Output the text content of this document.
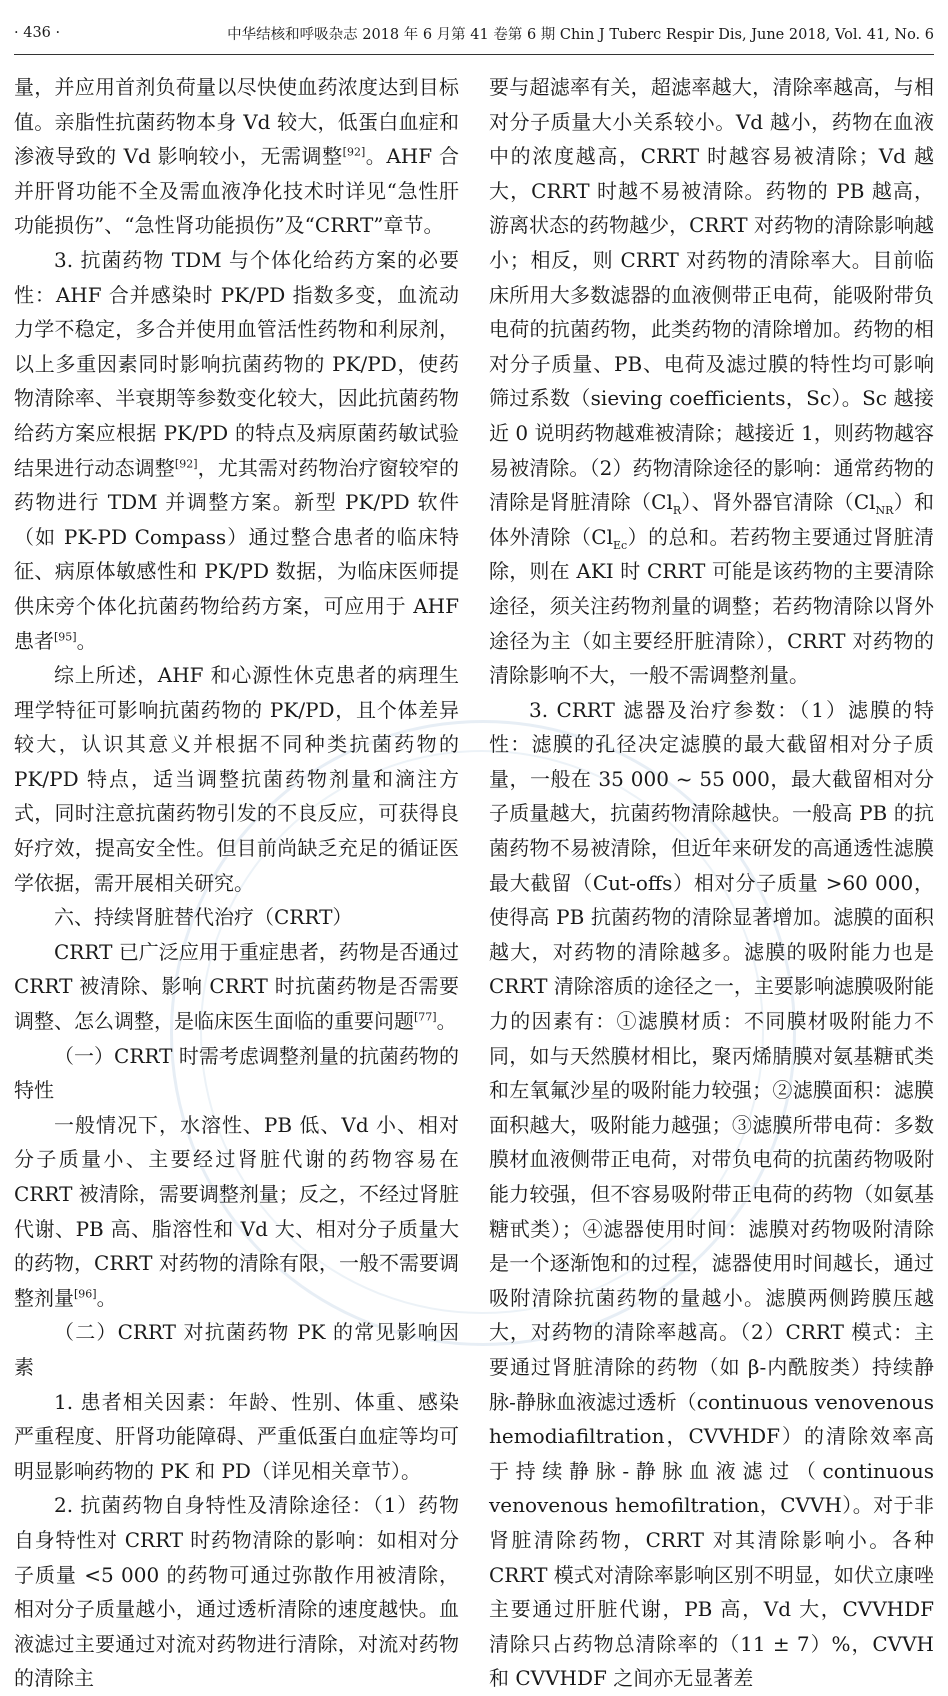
· 436 ·	中华结核和呼吸杂志 2018 年 6 月第 41 卷第 6 期 Chin J Tuberc Respir Dis, June 2018, Vol. 41, No. 6

量，并应用首剂负荷量以尽快使血药浓度达到目标值。亲脂性抗菌药物本身 Vd 较大，低蛋白血症和渗液导致的 Vd 影响较小，无需调整[92]。AHF 合并肝肾功能不全及需血液净化技术时详见“急性肝功能损伤”、“急性肾功能损伤”及“CRRT”章节。

3. 抗菌药物 TDM 与个体化给药方案的必要性：AHF 合并感染时 PK/PD 指数多变，血流动力学不稳定，多合并使用血管活性药物和利尿剂，以上多重因素同时影响抗菌药物的 PK/PD，使药物清除率、半衰期等参数变化较大，因此抗菌药物给药方案应根据 PK/PD 的特点及病原菌药敏试验结果进行动态调整[92]，尤其需对药物治疗窗较窄的药物进行 TDM 并调整方案。新型 PK/PD 软件（如 PK-PD Compass）通过整合患者的临床特征、病原体敏感性和 PK/PD 数据，为临床医师提供床旁个体化抗菌药物给药方案，可应用于 AHF 患者[95]。

综上所述，AHF 和心源性休克患者的病理生理学特征可影响抗菌药物的 PK/PD，且个体差异较大，认识其意义并根据不同种类抗菌药物的 PK/PD 特点，适当调整抗菌药物剂量和滴注方式，同时注意抗菌药物引发的不良反应，可获得良好疗效，提高安全性。但目前尚缺乏充足的循证医学依据，需开展相关研究。

六、持续肾脏替代治疗（CRRT）

CRRT 已广泛应用于重症患者，药物是否通过 CRRT 被清除、影响 CRRT 时抗菌药物是否需要调整、怎么调整，是临床医生面临的重要问题[77]。

（一）CRRT 时需考虑调整剂量的抗菌药物的特性

一般情况下，水溶性、PB 低、Vd 小、相对分子质量小、主要经过肾脏代谢的药物容易在 CRRT 被清除，需要调整剂量；反之，不经过肾脏代谢、PB 高、脂溶性和 Vd 大、相对分子质量大的药物，CRRT 对药物的清除有限，一般不需要调整剂量[96]。

（二）CRRT 对抗菌药物 PK 的常见影响因素

1. 患者相关因素：年龄、性别、体重、感染严重程度、肝肾功能障碍、严重低蛋白血症等均可明显影响药物的 PK 和 PD（详见相关章节）。

2. 抗菌药物自身特性及清除途径：（1）药物自身特性对 CRRT 时药物清除的影响：如相对分子质量 <5 000 的药物可通过弥散作用被清除，相对分子质量越小，通过透析清除的速度越快。血液滤过主要通过对流对药物进行清除，对流对药物的清除主

要与超滤率有关，超滤率越大，清除率越高，与相对分子质量大小关系较小。Vd 越小，药物在血液中的浓度越高，CRRT 时越容易被清除；Vd 越大，CRRT 时越不易被清除。药物的 PB 越高，游离状态的药物越少，CRRT 对药物的清除影响越小；相反，则 CRRT 对药物的清除率大。目前临床所用大多数滤器的血液侧带正电荷，能吸附带负电荷的抗菌药物，此类药物的清除增加。药物的相对分子质量、PB、电荷及滤过膜的特性均可影响筛过系数（sieving coefficients，Sc）。Sc 越接近 0 说明药物越难被清除；越接近 1，则药物越容易被清除。（2）药物清除途径的影响：通常药物的清除是肾脏清除$(Cl_R)$、肾外器官清除$(Cl_{NR})$和体外清除$(Cl_{Ec})$的总和。若药物主要通过肾脏清除，则在 AKI 时 CRRT 可能是该药物的主要清除途径，须关注药物剂量的调整；若药物清除以肾外途径为主（如主要经肝脏清除），CRRT 对药物的清除影响不大，一般不需调整剂量。

3. CRRT 滤器及治疗参数：（1）滤膜的特性：滤膜的孔径决定滤膜的最大截留相对分子质量，一般在 35 000 ~ 55 000，最大截留相对分子质量越大，抗菌药物清除越快。一般高 PB 的抗菌药物不易被清除，但近年来研发的高通透性滤膜最大截留（Cut-offs）相对分子质量 >60 000，使得高 PB 抗菌药物的清除显著增加。滤膜的面积越大，对药物的清除越多。滤膜的吸附能力也是 CRRT 清除溶质的途径之一，主要影响滤膜吸附能力的因素有：①滤膜材质：不同膜材吸附能力不同，如与天然膜材相比，聚丙烯腈膜对氨基糖甙类和左氧氟沙星的吸附能力较强；②滤膜面积：滤膜面积越大，吸附能力越强；③滤膜所带电荷：多数膜材血液侧带正电荷，对带负电荷的抗菌药物吸附能力较强，但不容易吸附带正电荷的药物（如氨基糖甙类）；④滤器使用时间：滤膜对药物吸附清除是一个逐渐饱和的过程，滤器使用时间越长，通过吸附清除抗菌药物的量越小。滤膜两侧跨膜压越大，对药物的清除率越高。（2）CRRT 模式：主要通过肾脏清除的药物（如 β-内酰胺类）持续静脉-静脉血液滤过透析（continuous venovenous hemodiafiltration，CVVHDF）的清除效率高于持续静脉-静脉血液滤过（continuous venovenous hemofiltration，CVVH）。对于非肾脏清除药物，CRRT 对其清除影响小。各种 CRRT 模式对清除率影响区别不明显，如伏立康唑主要通过肝脏代谢，PB 高，Vd 大，CVVHDF 清除只占药物总清除率的（11 ± 7）%，CVVH 和 CVVHDF 之间亦无显著差
